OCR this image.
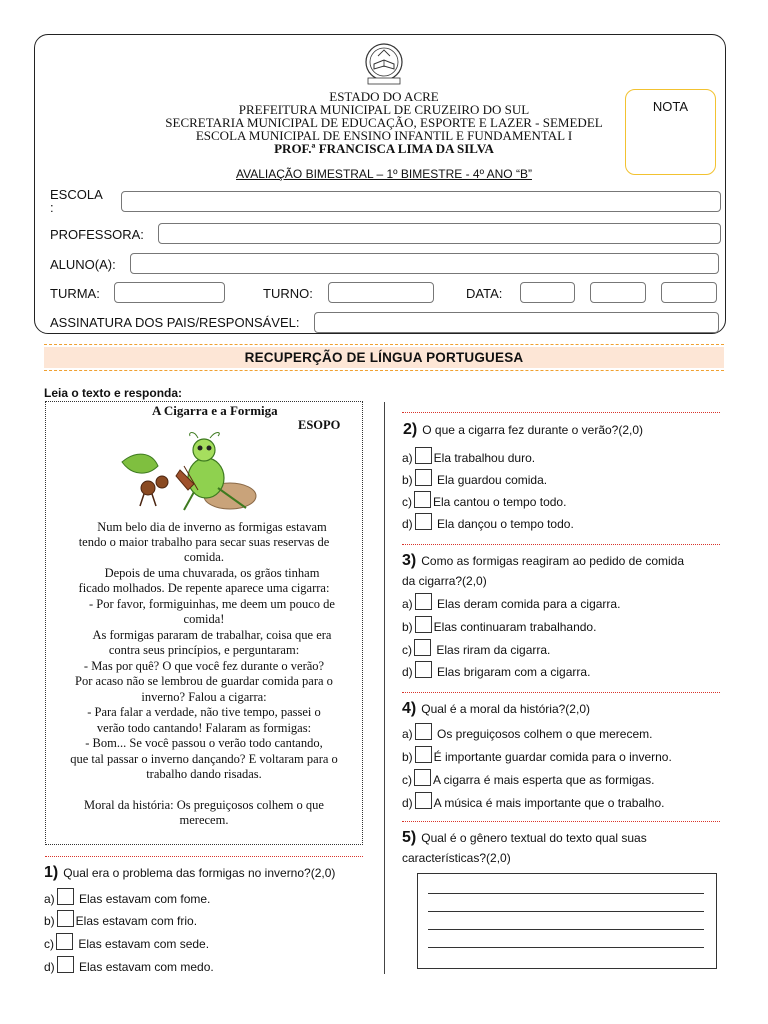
ESTADO DO ACRE
PREFEITURA MUNICIPAL DE CRUZEIRO DO SUL
SECRETARIA MUNICIPAL DE EDUCAÇÃO, ESPORTE E LAZER - SEMEDEL
ESCOLA MUNICIPAL DE ENSINO INFANTIL E FUNDAMENTAL I
PROF.ª FRANCISCA LIMA DA SILVA
AVALIAÇÃO BIMESTRAL – 1º BIMESTRE - 4º ANO “B”
NOTA
ESCOLA
:
PROFESSORA:
ALUNO(A):
TURMA:	TURNO:	DATA:
ASSINATURA DOS PAIS/RESPONSÁVEL:
RECUPERÇÃO DE LÍNGUA PORTUGUESA
Leia o texto e responda:
A Cigarra e a Formiga
ESOPO
Num belo dia de inverno as formigas estavam
tendo o maior trabalho para secar suas reservas de
comida.
Depois de uma chuvarada, os grãos tinham
ficado molhados. De repente aparece uma cigarra:
- Por favor, formiguinhas, me deem um pouco de
comida!
As formigas pararam de trabalhar, coisa que era
contra seus princípios, e perguntaram:
- Mas por quê? O que você fez durante o verão?
Por acaso não se lembrou de guardar comida para o
inverno? Falou a cigarra:
- Para falar a verdade, não tive tempo, passei o
verão todo cantando! Falaram as formigas:
- Bom... Se você passou o verão todo cantando,
que tal passar o inverno dançando? E voltaram para o
trabalho dando risadas.
Moral da história: Os preguiçosos colhem o que
merecem.
1) Qual era o problema das formigas no inverno?(2,0)
a) Elas estavam com fome.
b) Elas estavam com frio.
c) Elas estavam com sede.
d) Elas estavam com medo.
2) O que a cigarra fez durante o verão?(2,0)
a) Ela trabalhou duro.
b) Ela guardou comida.
c) Ela cantou o tempo todo.
d) Ela dançou o tempo todo.
3) Como as formigas reagiram ao pedido de comida
da cigarra?(2,0)
a) Elas deram comida para a cigarra.
b) Elas continuaram trabalhando.
c) Elas riram da cigarra.
d) Elas brigaram com a cigarra.
4) Qual é a moral da história?(2,0)
a) Os preguiçosos colhem o que merecem.
b) É importante guardar comida para o inverno.
c) A cigarra é mais esperta que as formigas.
d) A música é mais importante que o trabalho.
5) Qual é o gênero textual do texto qual suas
características?(2,0)
